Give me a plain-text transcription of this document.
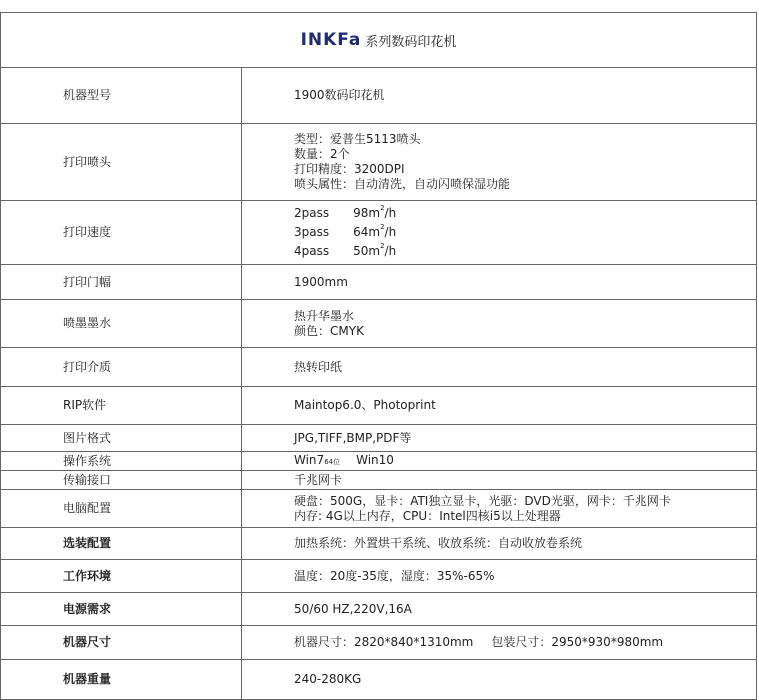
INKFa 系列数码印花机
机器型号	1900数码印花机

打印喷头	类型：爱普生5113喷头
数量：2个
打印精度：3200DPI
喷头属性：自动清洗，自动闪喷保湿功能

打印速度	2pass $98m^2/h$
3pass $64m^2/h$
4pass $50m^2/h$

打印门幅	1900mm

喷墨墨水	热升华墨水
颜色：CMYK

打印介质	热转印纸

RIP软件	Maintop6.0、Photoprint

图片格式	JPG,TIFF,BMP,PDF等

操作系统	Win764位 Win10

传输接口	千兆网卡

电脑配置	硬盘：500G，显卡：ATI独立显卡，光驱：DVD光驱，网卡：千兆网卡
内存: 4G以上内存，CPU：Intel四核i5以上处理器

选装配置	加热系统：外置烘干系统、收放系统：自动收放卷系统

工作环境	温度：20度-35度，湿度：35%-65%

电源需求	50/60 HZ,220V,16A

机器尺寸	机器尺寸：2820*840*1310mm 包装尺寸：2950*930*980mm

机器重量	240-280KG
